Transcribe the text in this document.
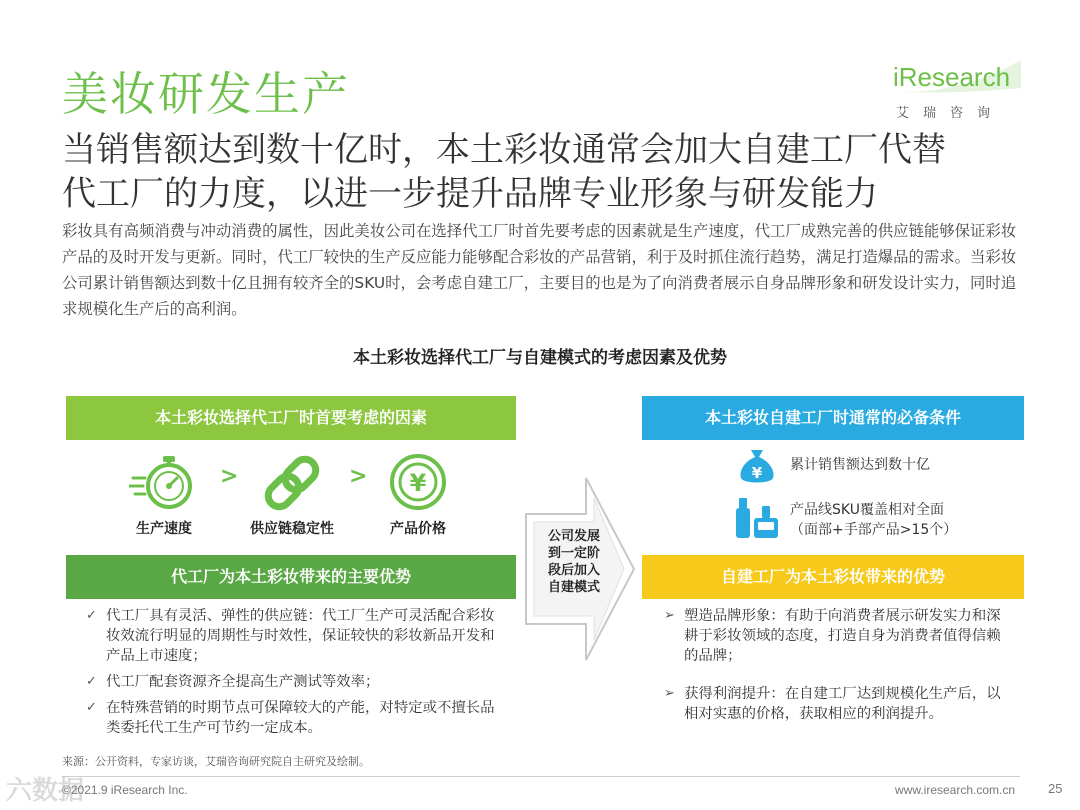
美妆研发生产	iResearch
艾瑞咨询
当销售额达到数十亿时，本土彩妆通常会加大自建工厂代替
代工厂的力度，以进一步提升品牌专业形象与研发能力
彩妆具有高频消费与冲动消费的属性，因此美妆公司在选择代工厂时首先要考虑的因素就是生产速度，代工厂成熟完善的供应链能够保证彩妆产品的及时开发与更新。同时，代工厂较快的生产反应能力能够配合彩妆的产品营销，利于及时抓住流行趋势，满足打造爆品的需求。当彩妆公司累计销售额达到数十亿且拥有较齐全的SKU时，会考虑自建工厂，主要目的也是为了向消费者展示自身品牌形象和研发设计实力，同时追求规模化生产后的高利润。
本土彩妆选择代工厂与自建模式的考虑因素及优势
本土彩妆选择代工厂时首要考虑的因素
生产速度
>
供应链稳定性
> ¥
产品价格
代工厂为本土彩妆带来的主要优势
✓ 代工厂具有灵活、弹性的供应链：代工厂生产可灵活配合彩妆妆效流行明显的周期性与时效性，保证较快的彩妆新品开发和产品上市速度；
✓ 代工厂配套资源齐全提高生产测试等效率；
✓ 在特殊营销的时期节点可保障较大的产能，对特定或不擅长品类委托代工生产可节约一定成本。
公司发展到一定阶段后加入自建模式
本土彩妆自建工厂时通常的必备条件
¥ 累计销售额达到数十亿
产品线SKU覆盖相对全面
（面部+手部产品>15个）
自建工厂为本土彩妆带来的优势
➢ 塑造品牌形象：有助于向消费者展示研发实力和深耕于彩妆领域的态度，打造自身为消费者值得信赖的品牌；
➢ 获得利润提升：在自建工厂达到规模化生产后，以相对实惠的价格，获取相应的利润提升。
来源：公开资料，专家访谈，艾瑞咨询研究院自主研究及绘制。
©2021.9 iResearch Inc.	www.iresearch.com.cn	25
六数据
